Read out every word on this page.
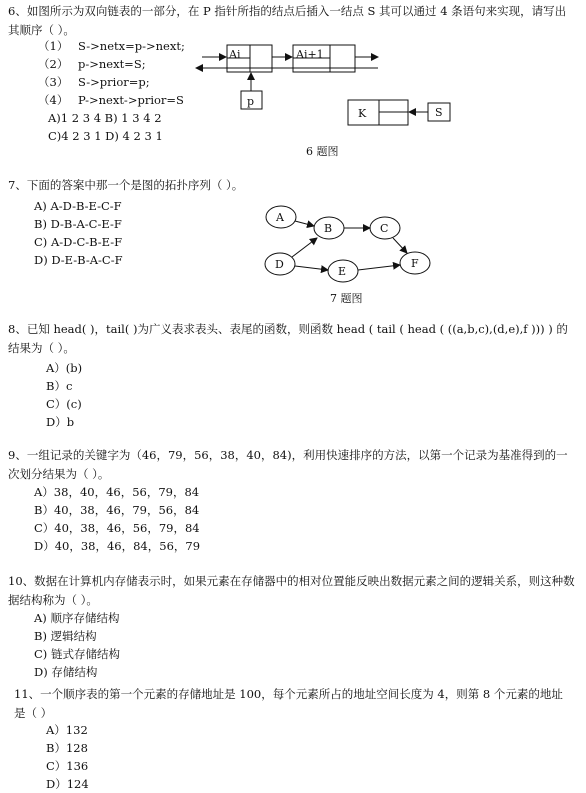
6、如图所示为双向链表的一部分，在 P 指针所指的结点后插入一结点 S 其可以通过 4 条语句来实现，请写出其顺序（ ）。
（1） S->netx=p->next;
（2） p->next=S;
（3） S->prior=p;
（4） P->next->prior=S
A)1 2 3 4 B) 1 3 4 2
C)4 2 3 1 D) 4 2 3 1
Ai	Ai+1
p
K	S
A
B	C
D
E
F
6 题图
7、下面的答案中那一个是图的拓扑序列（ ）。
A) A-D-B-E-C-F
B) D-B-A-C-E-F
C) A-D-C-B-E-F
D) D-E-B-A-C-F
7 题图
8、已知 head( )，tail( )为广义表求表头、表尾的函数，则函数 head ( tail ( head ( ((a,b,c),(d,e),f ))) ) 的结果为（ ）。
A）(b)
B）c
C）(c)
D）b
9、一组记录的关键字为（46，79，56，38，40，84)，利用快速排序的方法，以第一个记录为基准得到的一次划分结果为（ ）。
A）38，40，46，56，79，84
B）40，38，46，79，56，84
C）40，38，46，56，79，84
D）40，38，46，84，56，79
10、数据在计算机内存储表示时，如果元素在存储器中的相对位置能反映出数据元素之间的逻辑关系，则这种数据结构称为（ ）。
A) 顺序存储结构
B) 逻辑结构
C) 链式存储结构
D) 存储结构
11、一个顺序表的第一个元素的存储地址是 100，每个元素所占的地址空间长度为 4，则第 8 个元素的地址是（ ）
A）132
B）128
C）136
D）124
